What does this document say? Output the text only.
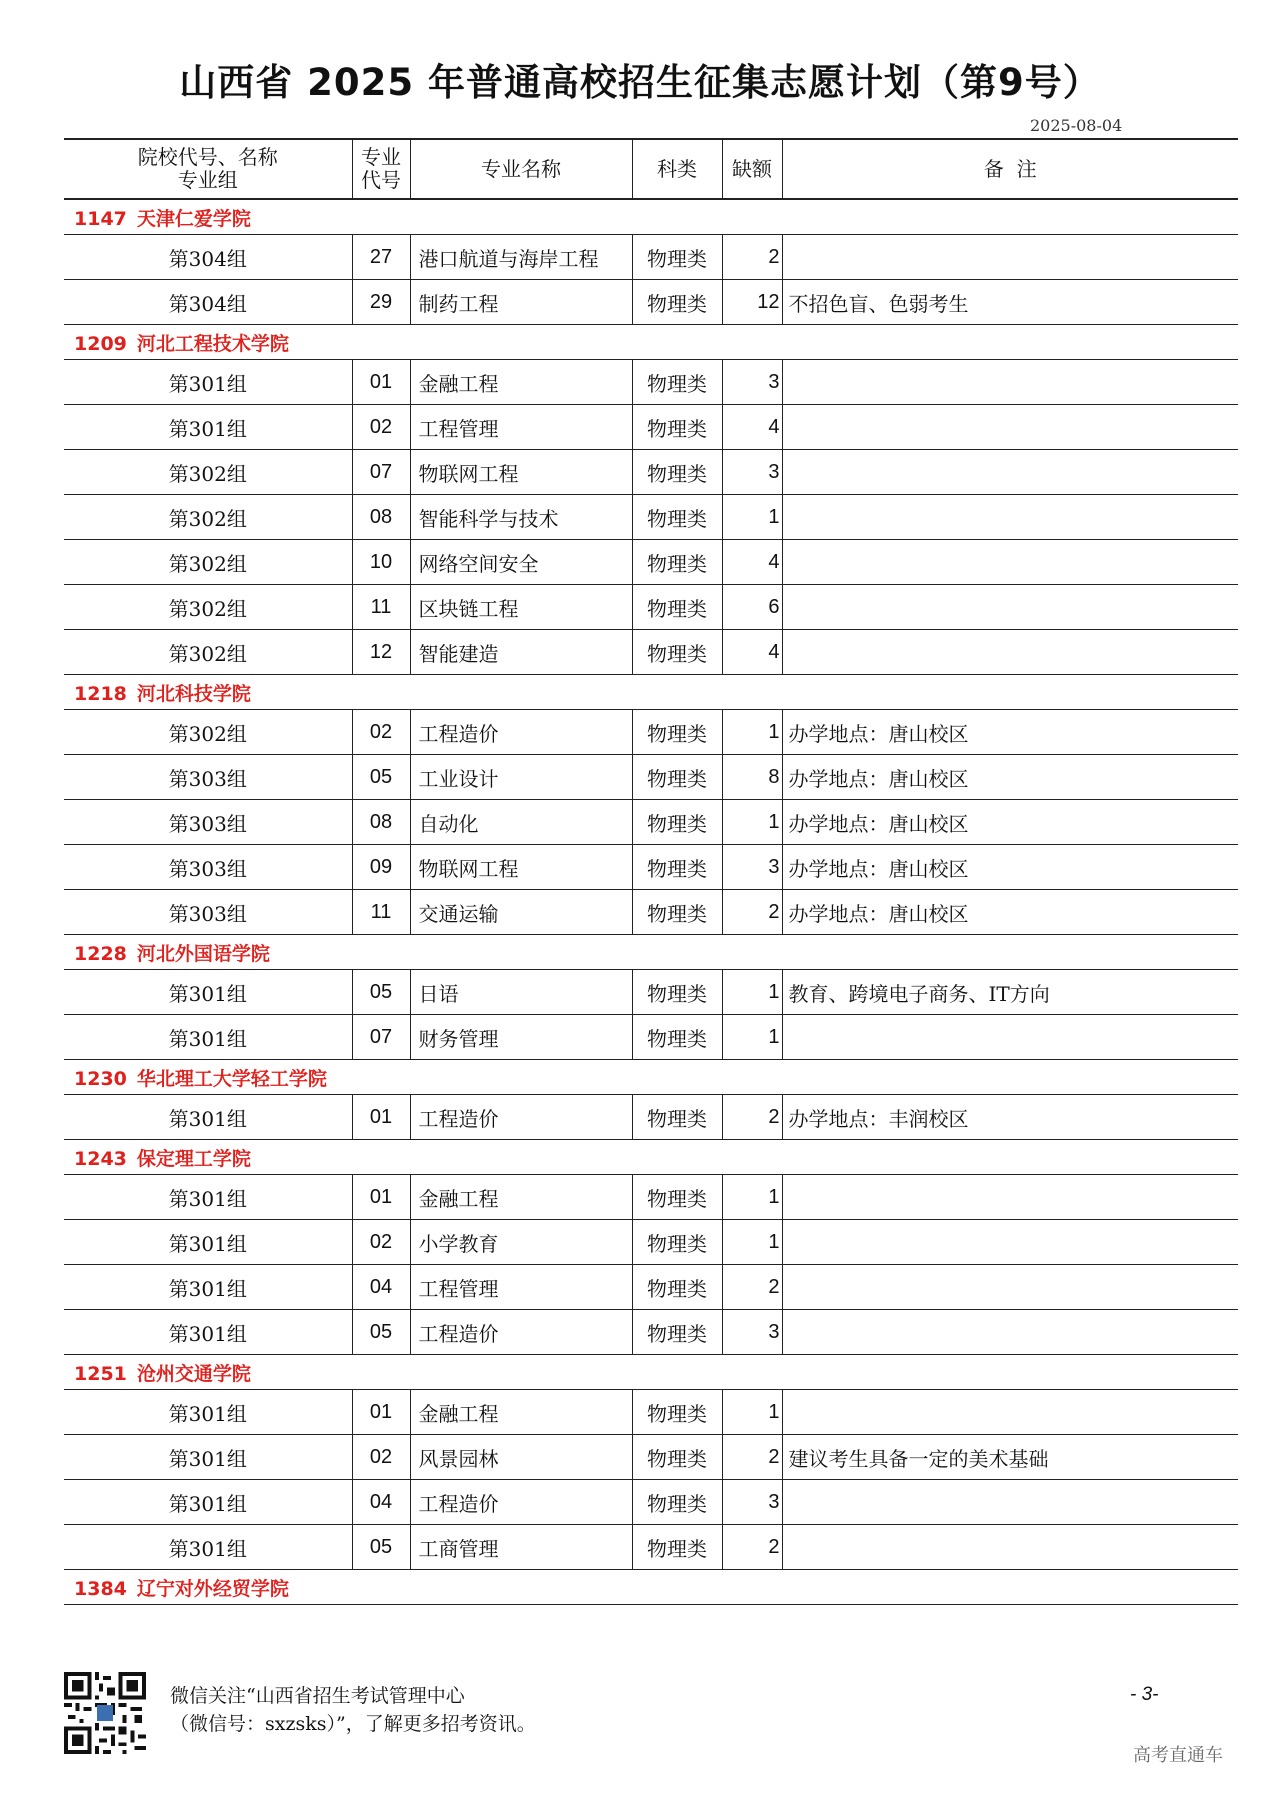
山西省 2025 年普通高校招生征集志愿计划（第9号）
2025-08-04
院校代号、名称
专业组	专业
代号	专业名称	科类	缺额	备  注
1147 天津仁爱学院					
第304组	27	港口航道与海岸工程	物理类	2	
第304组	29	制药工程	物理类	12	不招色盲、色弱考生
1209 河北工程技术学院					
第301组	01	金融工程	物理类	3	
第301组	02	工程管理	物理类	4	
第302组	07	物联网工程	物理类	3	
第302组	08	智能科学与技术	物理类	1	
第302组	10	网络空间安全	物理类	4	
第302组	11	区块链工程	物理类	6	
第302组	12	智能建造	物理类	4	
1218 河北科技学院					
第302组	02	工程造价	物理类	1	办学地点：唐山校区
第303组	05	工业设计	物理类	8	办学地点：唐山校区
第303组	08	自动化	物理类	1	办学地点：唐山校区
第303组	09	物联网工程	物理类	3	办学地点：唐山校区
第303组	11	交通运输	物理类	2	办学地点：唐山校区
1228 河北外国语学院					
第301组	05	日语	物理类	1	教育、跨境电子商务、IT方向
第301组	07	财务管理	物理类	1	
1230 华北理工大学轻工学院					
第301组	01	工程造价	物理类	2	办学地点：丰润校区
1243 保定理工学院					
第301组	01	金融工程	物理类	1	
第301组	02	小学教育	物理类	1	
第301组	04	工程管理	物理类	2	
第301组	05	工程造价	物理类	3	
1251 沧州交通学院					
第301组	01	金融工程	物理类	1	
第301组	02	风景园林	物理类	2	建议考生具备一定的美术基础
第301组	04	工程造价	物理类	3	
第301组	05	工商管理	物理类	2	
1384 辽宁对外经贸学院					
微信关注“山西省招生考试管理中心
（微信号：sxzsks）”，了解更多招考资讯。
- 3-
高考直通车
